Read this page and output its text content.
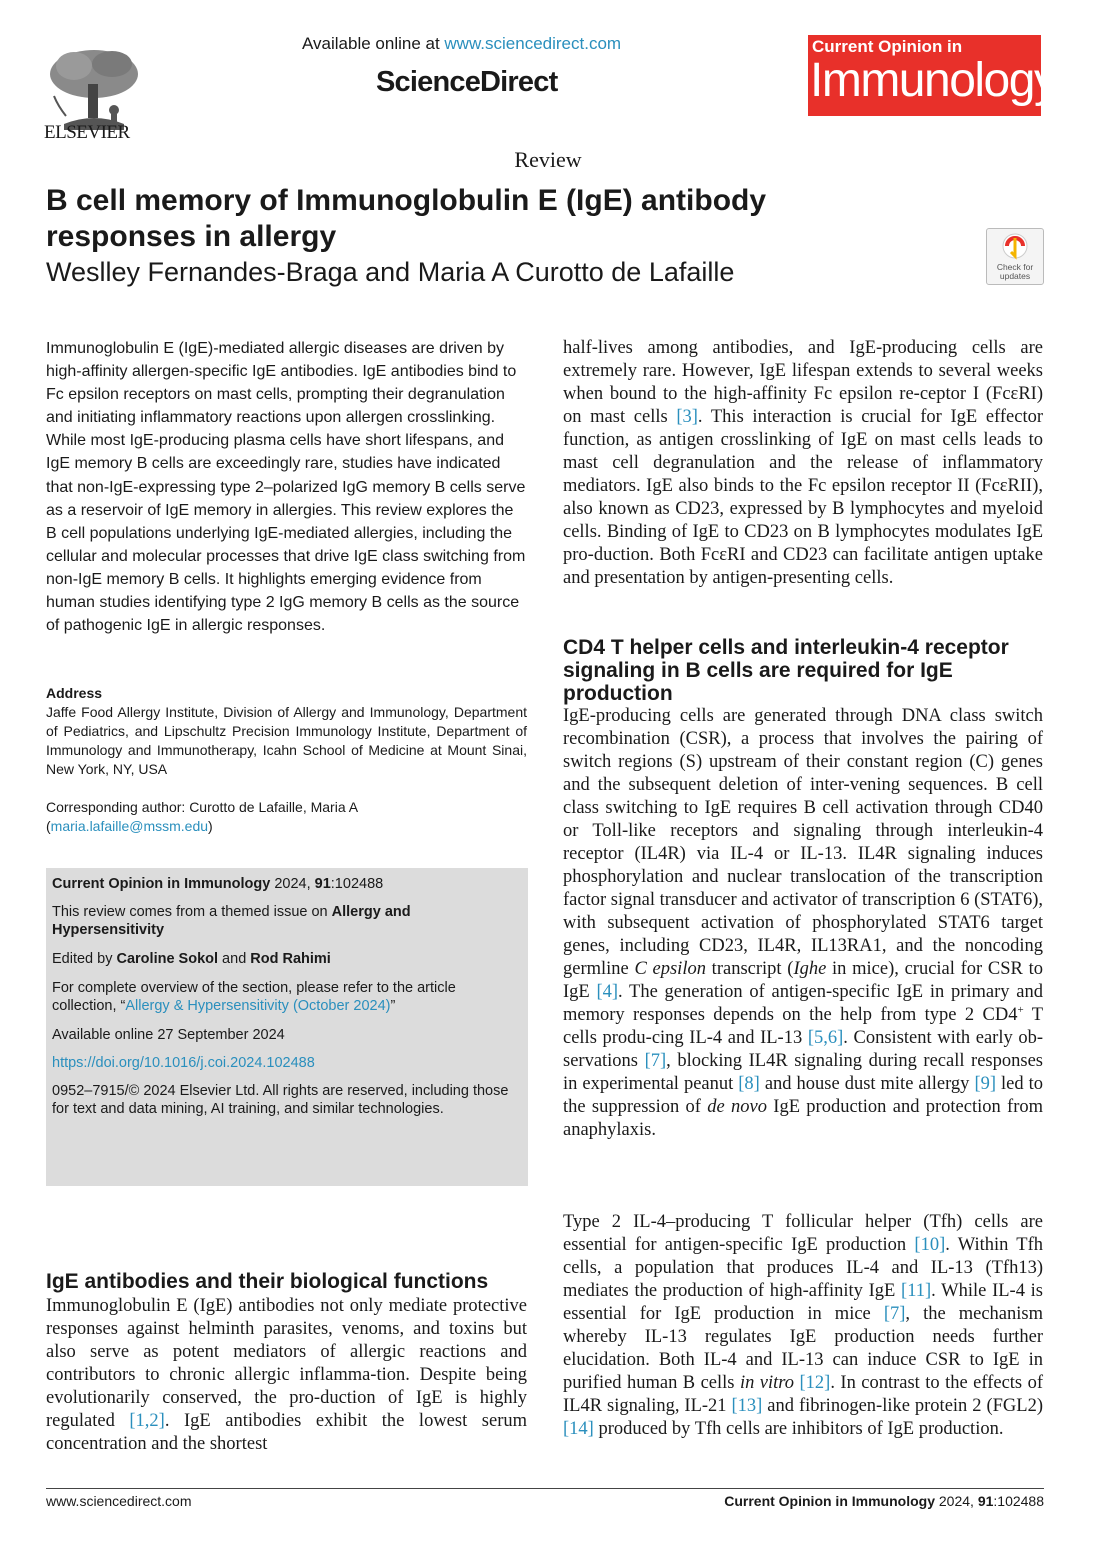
ELSEVIER
Available online at www.sciencedirect.com
ScienceDirect
Current Opinion in
Immunology
Review
B cell memory of Immunoglobulin E (IgE) antibody responses in allergy
Weslley Fernandes-Braga and Maria A Curotto de Lafaille	Check for updates

Immunoglobulin E (IgE)-mediated allergic diseases are driven by high-affinity allergen-specific IgE antibodies. IgE antibodies bind to Fc epsilon receptors on mast cells, prompting their degranulation and initiating inflammatory reactions upon allergen crosslinking. While most IgE-producing plasma cells have short lifespans, and IgE memory B cells are exceedingly rare, studies have indicated that non-IgE-expressing type 2–polarized IgG memory B cells serve as a reservoir of IgE memory in allergies. This review explores the B cell populations underlying IgE-mediated allergies, including the cellular and molecular processes that drive IgE class switching from non-IgE memory B cells. It highlights emerging evidence from human studies identifying type 2 IgG memory B cells as the source of pathogenic IgE in allergic responses.

Address
Jaffe Food Allergy Institute, Division of Allergy and Immunology, Department of Pediatrics, and Lipschultz Precision Immunology Institute, Department of Immunology and Immunotherapy, Icahn School of Medicine at Mount Sinai, New York, NY, USA
Corresponding author: Curotto de Lafaille, Maria A
(maria.lafaille@mssm.edu)

Current Opinion in Immunology 2024, 91:102488

This review comes from a themed issue on Allergy and Hypersensitivity

Edited by Caroline Sokol and Rod Rahimi

For complete overview of the section, please refer to the article collection, “Allergy & Hypersensitivity (October 2024)”

Available online 27 September 2024

https://doi.org/10.1016/j.coi.2024.102488

0952–7915/© 2024 Elsevier Ltd. All rights are reserved, including those for text and data mining, AI training, and similar technologies.

IgE antibodies and their biological functions

Immunoglobulin E (IgE) antibodies not only mediate protective responses against helminth parasites, venoms, and toxins but also serve as potent mediators of allergic reactions and contributors to chronic allergic inflamma-tion. Despite being evolutionarily conserved, the pro-duction of IgE is highly regulated [1,2]. IgE antibodies exhibit the lowest serum concentration and the shortest

half-lives among antibodies, and IgE-producing cells are extremely rare. However, IgE lifespan extends to several weeks when bound to the high-affinity Fc epsilon re-ceptor I (FcεRI) on mast cells [3]. This interaction is crucial for IgE effector function, as antigen crosslinking of IgE on mast cells leads to mast cell degranulation and the release of inflammatory mediators. IgE also binds to the Fc epsilon receptor II (FcεRII), also known as CD23, expressed by B lymphocytes and myeloid cells. Binding of IgE to CD23 on B lymphocytes modulates IgE pro-duction. Both FcεRI and CD23 can facilitate antigen uptake and presentation by antigen-presenting cells.

CD4 T helper cells and interleukin-4 receptor signaling in B cells are required for IgE production

IgE-producing cells are generated through DNA class switch recombination (CSR), a process that involves the pairing of switch regions (S) upstream of their constant region (C) genes and the subsequent deletion of inter-vening sequences. B cell class switching to IgE requires B cell activation through CD40 or Toll-like receptors and signaling through interleukin-4 receptor (IL4R) via IL-4 or IL-13. IL4R signaling induces phosphorylation and nuclear translocation of the transcription factor signal transducer and activator of transcription 6 (STAT6), with subsequent activation of phosphorylated STAT6 target genes, including CD23, IL4R, IL13RA1, and the noncoding germline C epsilon transcript (Ighe in mice), crucial for CSR to IgE [4]. The generation of antigen-specific IgE in primary and memory responses depends on the help from type 2 CD4+ T cells produ-cing IL-4 and IL-13 [5,6]. Consistent with early ob-servations [7], blocking IL4R signaling during recall responses in experimental peanut [8] and house dust mite allergy [9] led to the suppression of de novo IgE production and protection from anaphylaxis.

Type 2 IL-4–producing T follicular helper (Tfh) cells are essential for antigen-specific IgE production [10]. Within Tfh cells, a population that produces IL-4 and IL-13 (Tfh13) mediates the production of high-affinity IgE [11]. While IL-4 is essential for IgE production in mice [7], the mechanism whereby IL-13 regulates IgE production needs further elucidation. Both IL-4 and IL-13 can induce CSR to IgE in purified human B cells in vitro [12]. In contrast to the effects of IL4R signaling, IL-21 [13] and fibrinogen-like protein 2 (FGL2) [14] produced by Tfh cells are inhibitors of IgE production.

www.sciencedirect.com	Current Opinion in Immunology 2024, 91:102488
